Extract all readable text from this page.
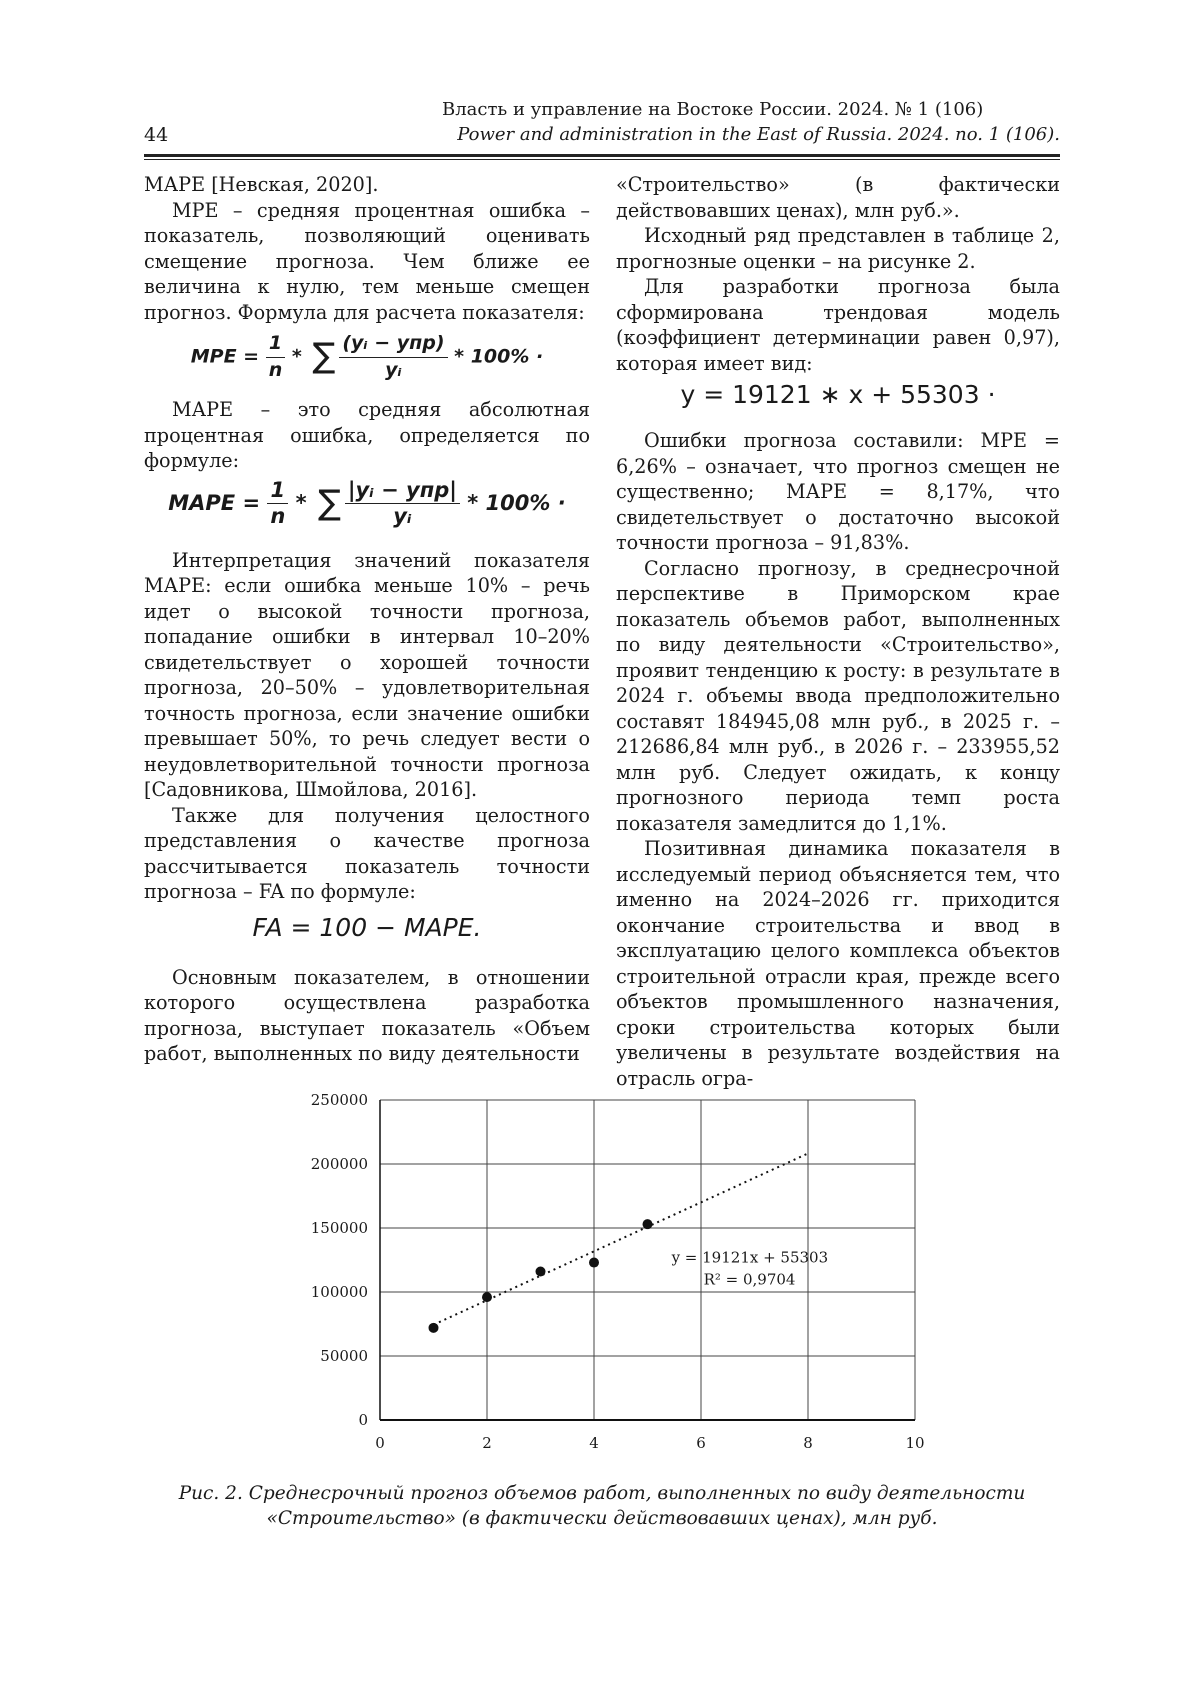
44
Власть и управление на Востоке России. 2024. № 1 (106)
Power and administration in the East of Russia. 2024. no. 1 (106).

МАРЕ [Невская, 2020].

MPE – средняя процентная ошибка – показатель, позволяющий оценивать смещение прогноза. Чем ближе ее величина к нулю, тем меньше смещен прогноз. Формула для расчета показателя:

MPE = $\frac{1}{n}$ * ∑ $\frac{\text{(yᵢ − yпр)}}{\text{yᵢ}} * 100\%$ ·

МАРЕ – это средняя абсолютная процентная ошибка, определяется по формуле:

MAPE = $\frac{1}{n}$ * ∑ $\frac{\text{|yᵢ − yпр|}}{\text{yᵢ}} * 100\%$ ·

Интерпретация значений показателя МАРЕ: если ошибка меньше 10% – речь идет о высокой точности прогноза, попадание ошибки в интервал 10–20% свидетельствует о хорошей точности прогноза, 20–50% – удовлетворительная точность прогноза, если значение ошибки превышает 50%, то речь следует вести о неудовлетворительной точности прогноза [Садовникова, Шмойлова, 2016].

Также для получения целостного представления о качестве прогноза рассчитывается показатель точности прогноза – FA по формуле:

FA = 100 − MAPE.

Основным показателем, в отношении которого осуществлена разработка прогноза, выступает показатель «Объем работ, выполненных по виду деятельности

«Строительство» (в фактически действовавших ценах), млн руб.».

Исходный ряд представлен в таблице 2, прогнозные оценки – на рисунке 2.

Для разработки прогноза была сформирована трендовая модель (коэффициент детерминации равен 0,97), которая имеет вид:

y = 19121 ∗ x + 55303 ·

Ошибки прогноза составили: МРЕ = 6,26% – означает, что прогноз смещен не существенно; МАРЕ = 8,17%, что свидетельствует о достаточно высокой точности прогноза – 91,83%.

Согласно прогнозу, в среднесрочной перспективе в Приморском крае показатель объемов работ, выполненных по виду деятельности «Строительство», проявит тенденцию к росту: в результате в 2024 г. объемы ввода предположительно составят 184945,08 млн руб., в 2025 г. – 212686,84 млн руб., в 2026 г. – 233955,52 млн руб. Следует ожидать, к концу прогнозного периода темп роста показателя замедлится до 1,1%.

Позитивная динамика показателя в исследуемый период объясняется тем, что именно на 2024–2026 гг. приходится окончание строительства и ввод в эксплуатацию целого комплекса объектов строительной отрасли края, прежде всего объектов промышленного назначения, сроки строительства которых были увеличены в результате воздействия на отрасль огра-

0
50000
100000
150000
200000
250000
0	2	4	6	8	10
y = 19121x + 55303
R² = 0,9704
Рис. 2. Среднесрочный прогноз объемов работ, выполненных по виду деятельности
«Строительство» (в фактически действовавших ценах), млн руб.
